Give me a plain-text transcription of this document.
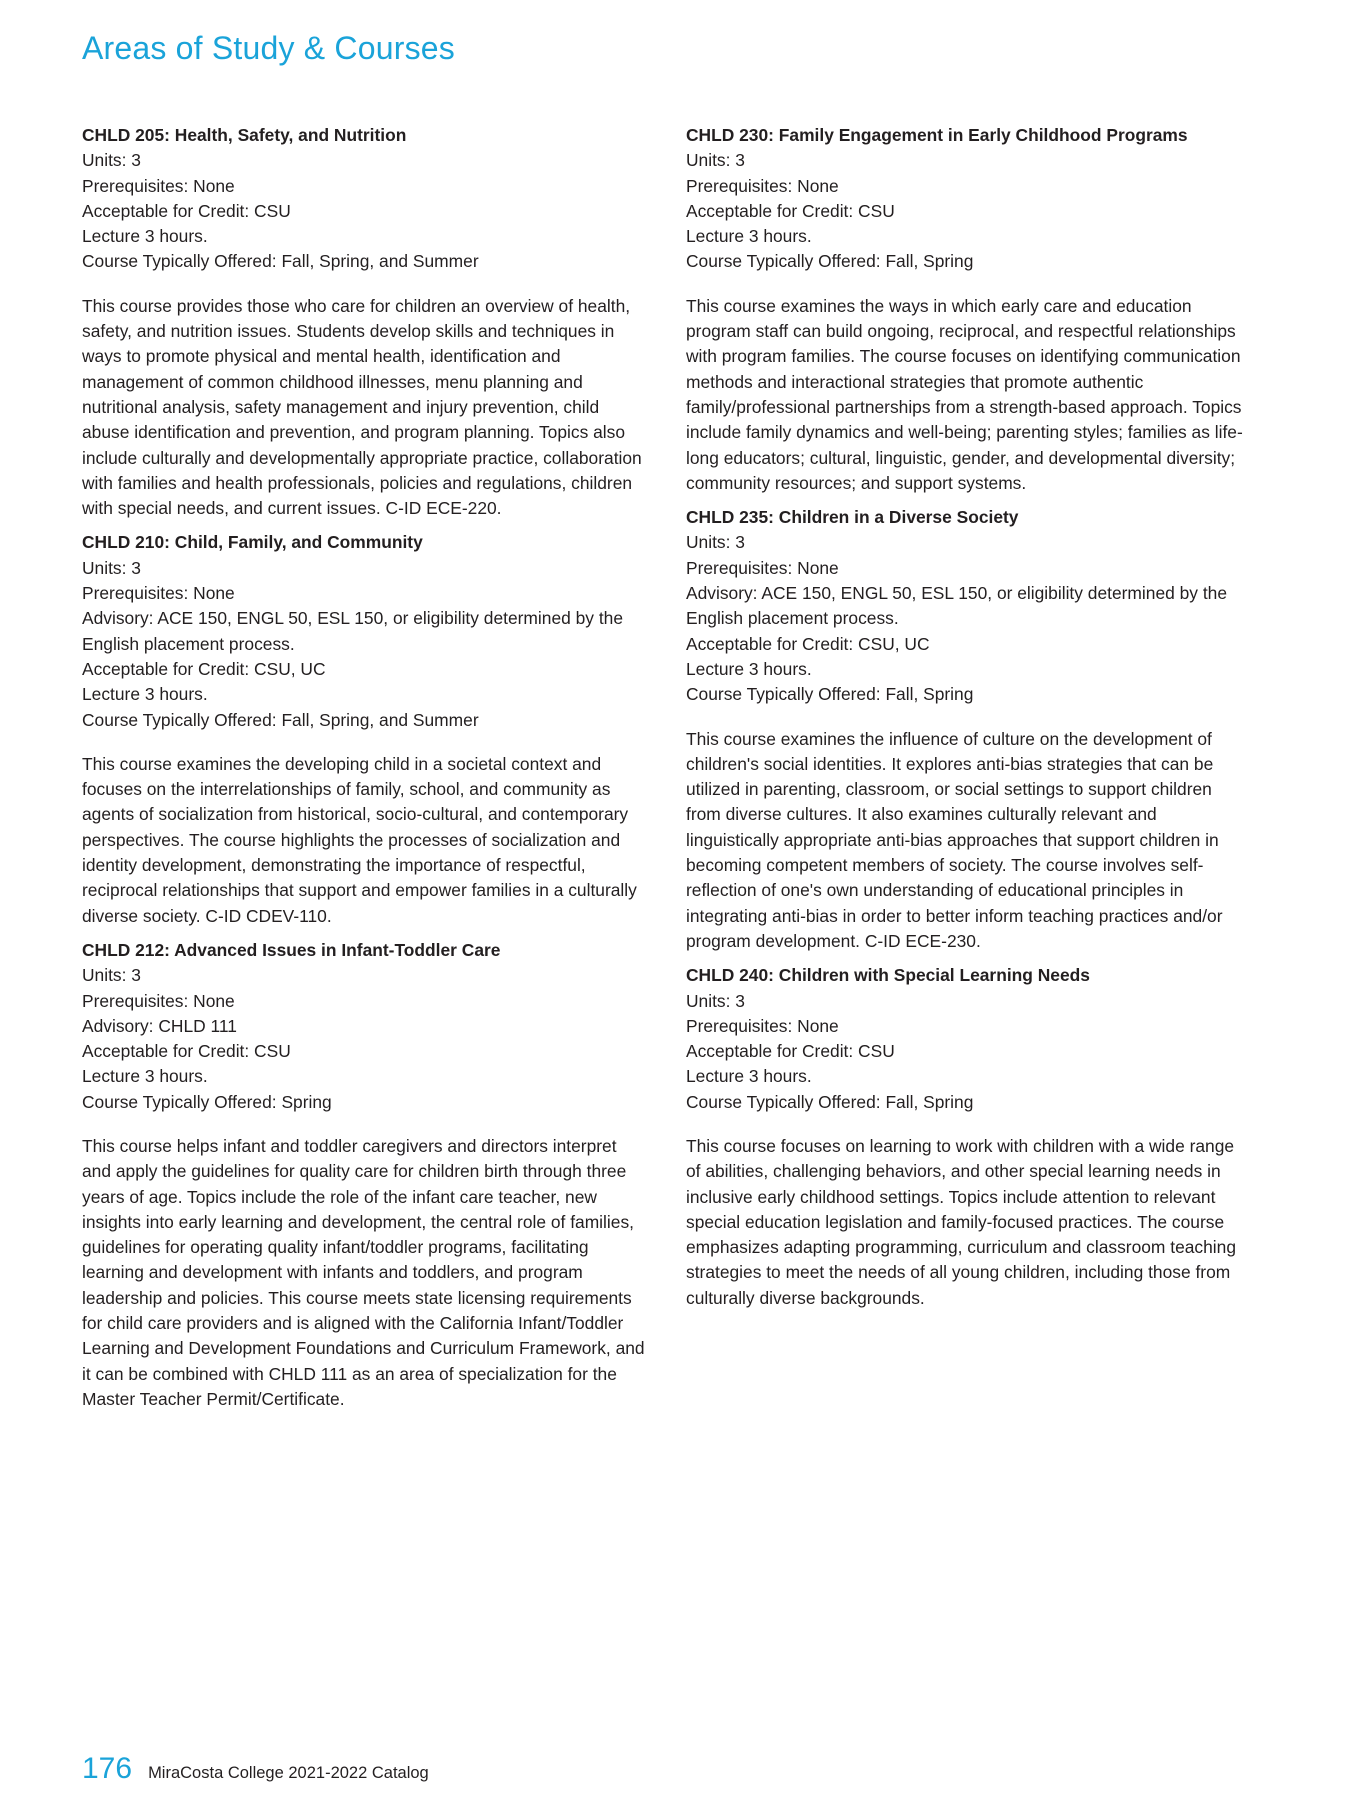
Areas of Study & Courses

CHLD 205: Health, Safety, and Nutrition

Units: 3

Prerequisites: None

Acceptable for Credit: CSU

Lecture 3 hours.

Course Typically Offered: Fall, Spring, and Summer

This course provides those who care for children an overview of health, safety, and nutrition issues. Students develop skills and techniques in ways to promote physical and mental health, identification and management of common childhood illnesses, menu planning and nutritional analysis, safety management and injury prevention, child abuse identification and prevention, and program planning. Topics also include culturally and developmentally appropriate practice, collaboration with families and health professionals, policies and regulations, children with special needs, and current issues. C-ID ECE-220.

CHLD 210: Child, Family, and Community

Units: 3

Prerequisites: None

Advisory: ACE 150, ENGL 50, ESL 150, or eligibility determined by the English placement process.

Acceptable for Credit: CSU, UC

Lecture 3 hours.

Course Typically Offered: Fall, Spring, and Summer

This course examines the developing child in a societal context and focuses on the interrelationships of family, school, and community as agents of socialization from historical, socio-cultural, and contemporary perspectives. The course highlights the processes of socialization and identity development, demonstrating the importance of respectful, reciprocal relationships that support and empower families in a culturally diverse society. C-ID CDEV-110.

CHLD 212: Advanced Issues in Infant-Toddler Care

Units: 3

Prerequisites: None

Advisory: CHLD 111

Acceptable for Credit: CSU

Lecture 3 hours.

Course Typically Offered: Spring

This course helps infant and toddler caregivers and directors interpret and apply the guidelines for quality care for children birth through three years of age. Topics include the role of the infant care teacher, new insights into early learning and development, the central role of families, guidelines for operating quality infant/toddler programs, facilitating learning and development with infants and toddlers, and program leadership and policies. This course meets state licensing requirements for child care providers and is aligned with the California Infant/Toddler Learning and Development Foundations and Curriculum Framework, and it can be combined with CHLD 111 as an area of specialization for the Master Teacher Permit/Certificate.

CHLD 230: Family Engagement in Early Childhood Programs

Units: 3

Prerequisites: None

Acceptable for Credit: CSU

Lecture 3 hours.

Course Typically Offered: Fall, Spring

This course examines the ways in which early care and education program staff can build ongoing, reciprocal, and respectful relationships with program families. The course focuses on identifying communication methods and interactional strategies that promote authentic family/professional partnerships from a strength-based approach. Topics include family dynamics and well-being; parenting styles; families as life-long educators; cultural, linguistic, gender, and developmental diversity; community resources; and support systems.

CHLD 235: Children in a Diverse Society

Units: 3

Prerequisites: None

Advisory: ACE 150, ENGL 50, ESL 150, or eligibility determined by the English placement process.

Acceptable for Credit: CSU, UC

Lecture 3 hours.

Course Typically Offered: Fall, Spring

This course examines the influence of culture on the development of children's social identities. It explores anti-bias strategies that can be utilized in parenting, classroom, or social settings to support children from diverse cultures. It also examines culturally relevant and linguistically appropriate anti-bias approaches that support children in becoming competent members of society. The course involves self-reflection of one's own understanding of educational principles in integrating anti-bias in order to better inform teaching practices and/or program development. C-ID ECE-230.

CHLD 240: Children with Special Learning Needs

Units: 3

Prerequisites: None

Acceptable for Credit: CSU

Lecture 3 hours.

Course Typically Offered: Fall, Spring

This course focuses on learning to work with children with a wide range of abilities, challenging behaviors, and other special learning needs in inclusive early childhood settings. Topics include attention to relevant special education legislation and family-focused practices. The course emphasizes adapting programming, curriculum and classroom teaching strategies to meet the needs of all young children, including those from culturally diverse backgrounds.

176 MiraCosta College 2021-2022 Catalog
